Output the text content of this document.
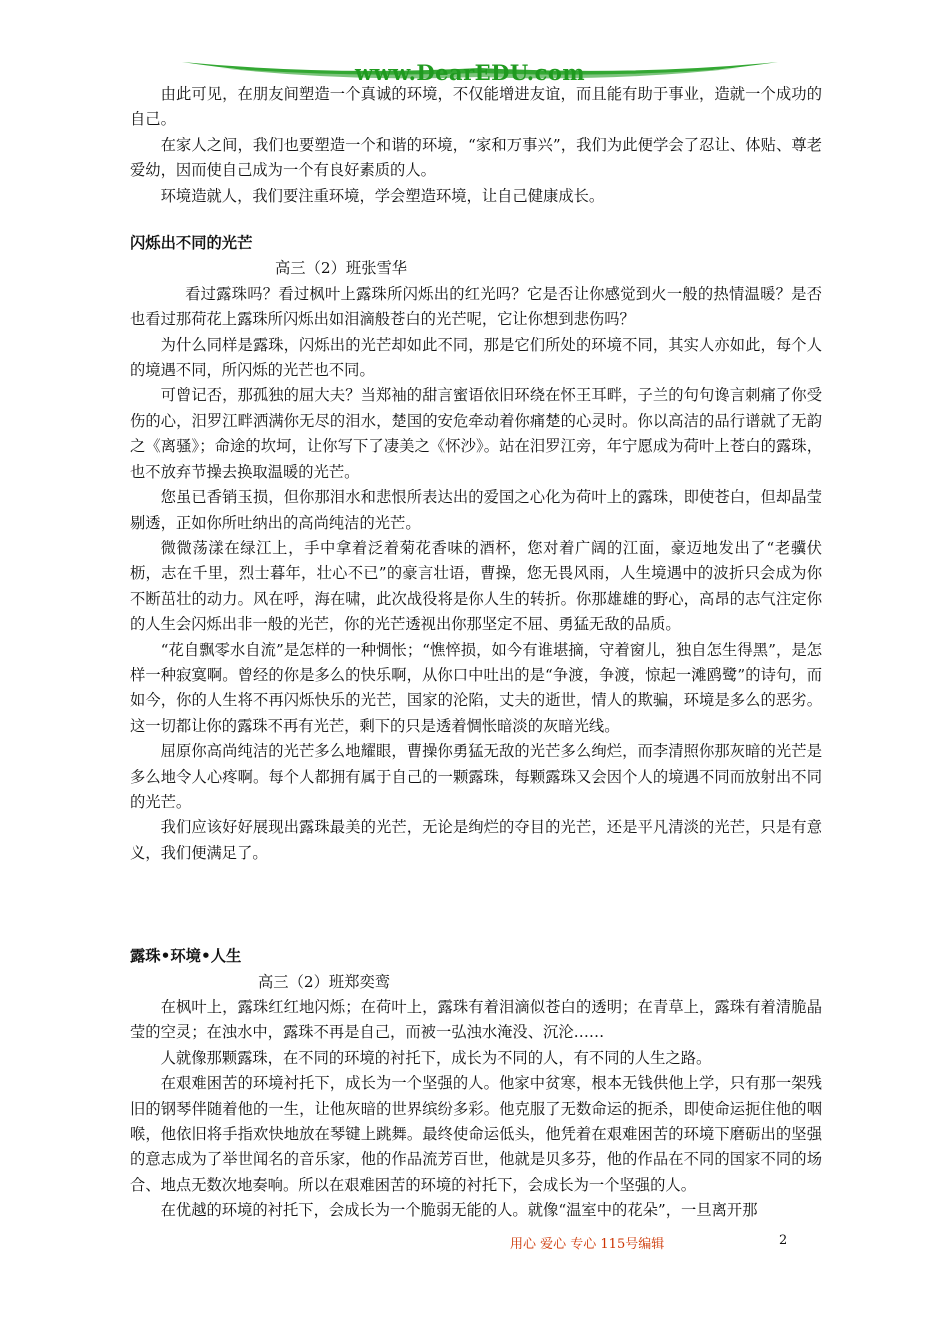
www.DearEDU.com

由此可见，在朋友间塑造一个真诚的环境，不仅能增进友谊，而且能有助于事业，造就一个成功的自己。

在家人之间，我们也要塑造一个和谐的环境，“家和万事兴”，我们为此便学会了忍让、体贴、尊老爱幼，因而使自己成为一个有良好素质的人。

环境造就人，我们要注重环境，学会塑造环境，让自己健康成长。

闪烁出不同的光芒

高三（2）班张雪华

看过露珠吗？看过枫叶上露珠所闪烁出的红光吗？它是否让你感觉到火一般的热情温暖？是否也看过那荷花上露珠所闪烁出如泪滴般苍白的光芒呢，它让你想到悲伤吗？

为什么同样是露珠，闪烁出的光芒却如此不同，那是它们所处的环境不同，其实人亦如此，每个人的境遇不同，所闪烁的光芒也不同。

可曾记否，那孤独的屈大夫？当郑袖的甜言蜜语依旧环绕在怀王耳畔，子兰的句句谗言刺痛了你受伤的心，汨罗江畔洒满你无尽的泪水，楚国的安危牵动着你痛楚的心灵时。你以高洁的品行谱就了无韵之《离骚》；命途的坎坷，让你写下了凄美之《怀沙》。站在汨罗江旁，年宁愿成为荷叶上苍白的露珠，也不放弃节操去换取温暖的光芒。

您虽已香销玉损，但你那泪水和悲恨所表达出的爱国之心化为荷叶上的露珠，即使苍白，但却晶莹剔透，正如你所吐纳出的高尚纯洁的光芒。

微微荡漾在绿江上，手中拿着泛着菊花香味的酒杯，您对着广阔的江面，豪迈地发出了“老骥伏枥，志在千里，烈士暮年，壮心不已”的豪言壮语，曹操，您无畏风雨，人生境遇中的波折只会成为你不断茁壮的动力。风在呼，海在啸，此次战役将是你人生的转折。你那雄雄的野心，高昂的志气注定你的人生会闪烁出非一般的光芒，你的光芒透视出你那坚定不屈、勇猛无敌的品质。

“花自飘零水自流”是怎样的一种惆怅；“憔悴损，如今有谁堪摘，守着窗儿，独自怎生得黑”，是怎样一种寂寞啊。曾经的你是多么的快乐啊，从你口中吐出的是“争渡，争渡，惊起一滩鸥鹭”的诗句，而如今，你的人生将不再闪烁快乐的光芒，国家的沦陷，丈夫的逝世，情人的欺骗，环境是多么的恶劣。这一切都让你的露珠不再有光芒，剩下的只是透着惆怅暗淡的灰暗光线。

屈原你高尚纯洁的光芒多么地耀眼，曹操你勇猛无敌的光芒多么绚烂，而李清照你那灰暗的光芒是多么地令人心疼啊。每个人都拥有属于自己的一颗露珠，每颗露珠又会因个人的境遇不同而放射出不同的光芒。

我们应该好好展现出露珠最美的光芒，无论是绚烂的夺目的光芒，还是平凡清淡的光芒，只是有意义，我们便满足了。

露珠•环境•人生

高三（2）班郑奕鸾

在枫叶上，露珠红红地闪烁；在荷叶上，露珠有着泪滴似苍白的透明；在青草上，露珠有着清脆晶莹的空灵；在浊水中，露珠不再是自己，而被一弘浊水淹没、沉沦……

人就像那颗露珠，在不同的环境的衬托下，成长为不同的人，有不同的人生之路。

在艰难困苦的环境衬托下，成长为一个坚强的人。他家中贫寒，根本无钱供他上学，只有那一架残旧的钢琴伴随着他的一生，让他灰暗的世界缤纷多彩。他克服了无数命运的扼杀，即使命运扼住他的咽喉，他依旧将手指欢快地放在琴键上跳舞。最终使命运低头，他凭着在艰难困苦的环境下磨砺出的坚强的意志成为了举世闻名的音乐家，他的作品流芳百世，他就是贝多芬，他的作品在不同的国家不同的场合、地点无数次地奏响。所以在艰难困苦的环境的衬托下，会成长为一个坚强的人。

在优越的环境的衬托下，会成长为一个脆弱无能的人。就像“温室中的花朵”，一旦离开那

用心 爱心 专心 115号编辑	2
